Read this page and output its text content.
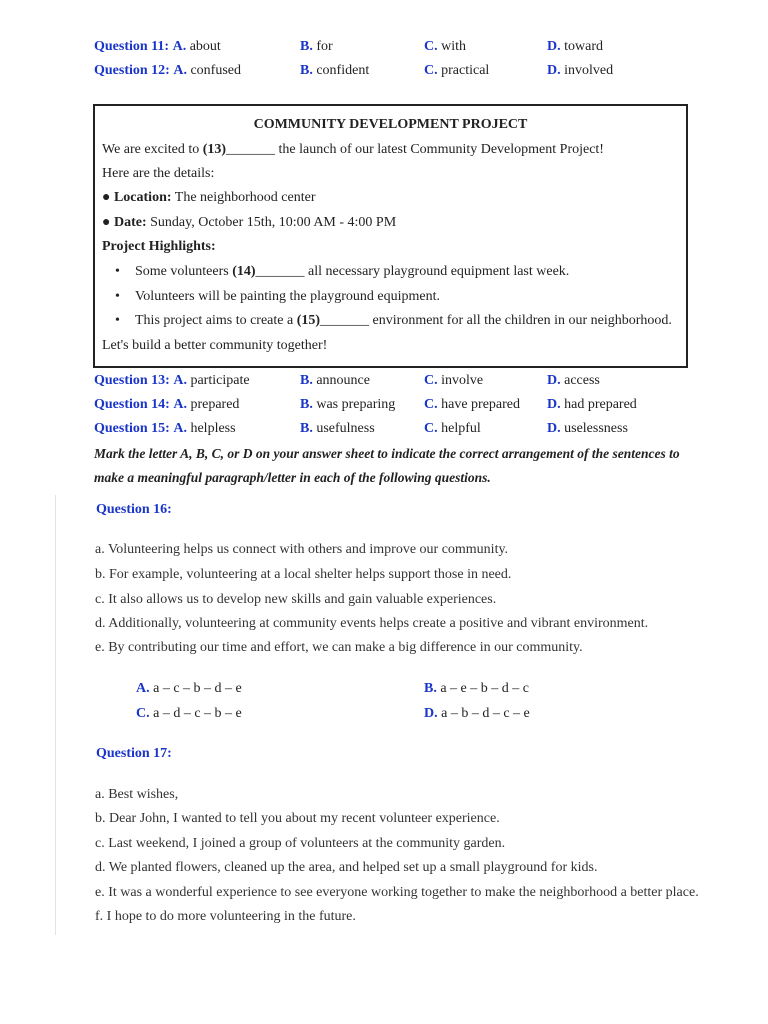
Question 11: A. about	B. for	C. with	D. toward
Question 12: A. confused	B. confident	C. practical	D. involved
COMMUNITY DEVELOPMENT PROJECT
We are excited to (13)_______ the launch of our latest Community Development Project!
Here are the details:
● Location: The neighborhood center
● Date: Sunday, October 15th, 10:00 AM - 4:00 PM
Project Highlights:
• Some volunteers (14)_______ all necessary playground equipment last week.
• Volunteers will be painting the playground equipment.
• This project aims to create a (15)_______ environment for all the children in our neighborhood.
Let's build a better community together!
Question 13: A. participate	B. announce	C. involve	D. access
Question 14: A. prepared	B. was preparing C. have prepared D. had prepared
Question 15: A. helpless	B. usefulness	C. helpful	D. uselessness
Mark the letter A, B, C, or D on your answer sheet to indicate the correct arrangement of the sentences to
make a meaningful paragraph/letter in each of the following questions.
Question 16:
a. Volunteering helps us connect with others and improve our community.
b. For example, volunteering at a local shelter helps support those in need.
c. It also allows us to develop new skills and gain valuable experiences.
d. Additionally, volunteering at community events helps create a positive and vibrant environment.
e. By contributing our time and effort, we can make a big difference in our community.
A. a – c – b – d – e	B. a – e – b – d – c
C. a – d – c – b – e	D. a – b – d – c – e
Question 17:
a. Best wishes,
b. Dear John, I wanted to tell you about my recent volunteer experience.
c. Last weekend, I joined a group of volunteers at the community garden.
d. We planted flowers, cleaned up the area, and helped set up a small playground for kids.
e. It was a wonderful experience to see everyone working together to make the neighborhood a better place.
f. I hope to do more volunteering in the future.
